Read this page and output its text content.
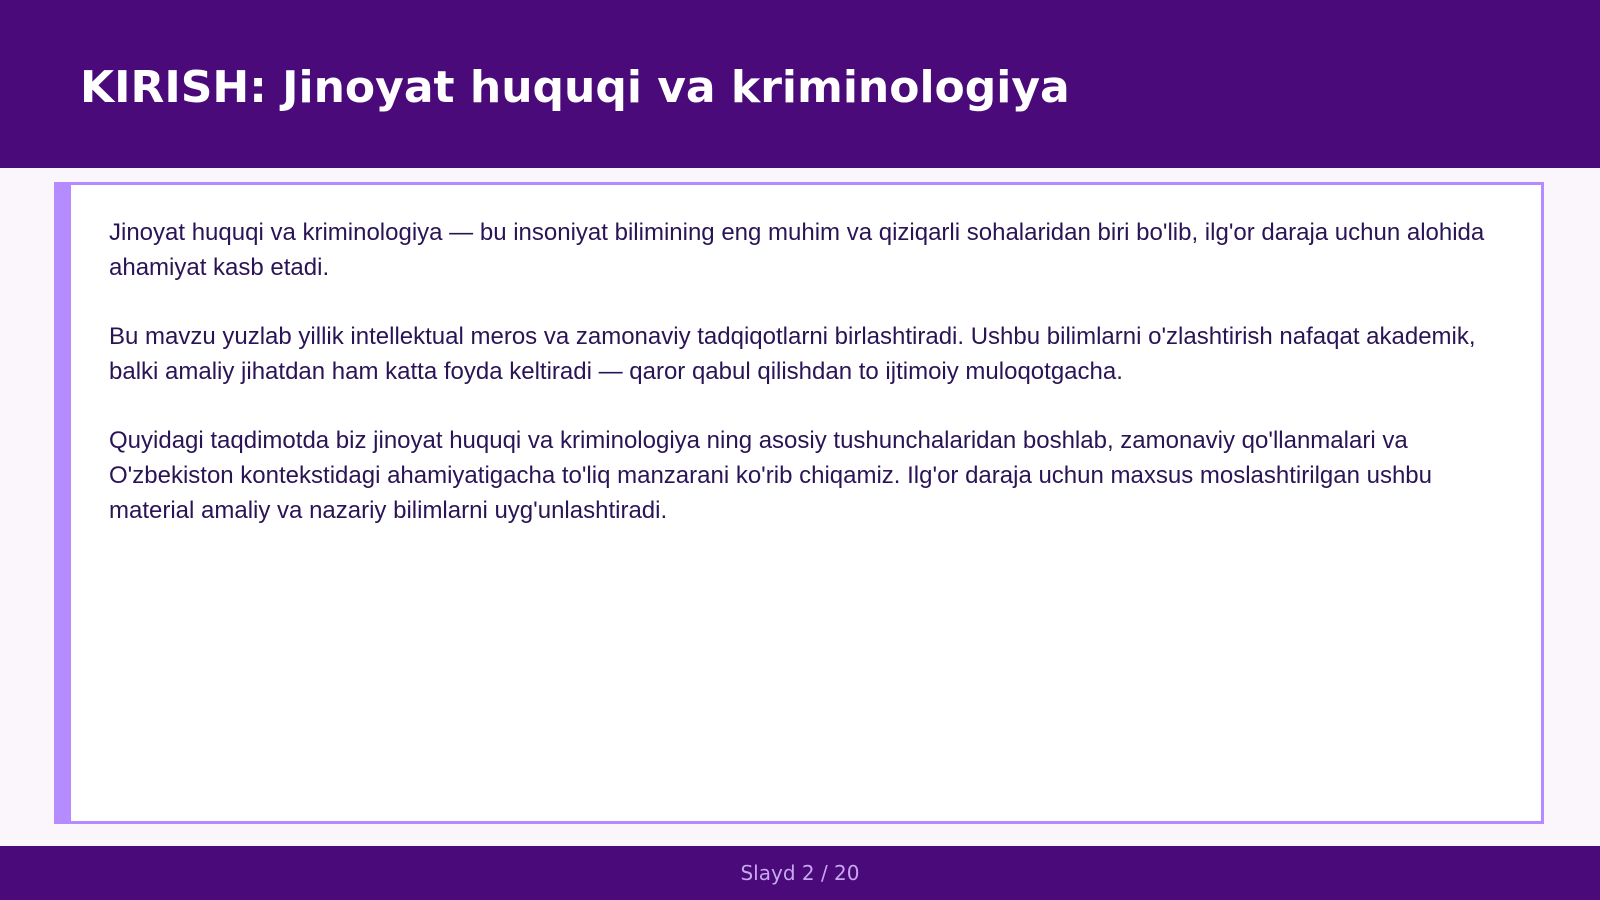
KIRISH: Jinoyat huquqi va kriminologiya

Jinoyat huquqi va kriminologiya — bu insoniyat bilimining eng muhim va qiziqarli sohalaridan biri bo'lib, ilg'or daraja uchun alohida ahamiyat kasb etadi.

Bu mavzu yuzlab yillik intellektual meros va zamonaviy tadqiqotlarni birlashtiradi. Ushbu bilimlarni o'zlashtirish nafaqat akademik, balki amaliy jihatdan ham katta foyda keltiradi — qaror qabul qilishdan to ijtimoiy muloqotgacha.

Quyidagi taqdimotda biz jinoyat huquqi va kriminologiya ning asosiy tushunchalaridan boshlab, zamonaviy qo'llanmalari va O'zbekiston kontekstidagi ahamiyatigacha to'liq manzarani ko'rib chiqamiz. Ilg'or daraja uchun maxsus moslashtirilgan ushbu material amaliy va nazariy bilimlarni uyg'unlashtiradi.

Slayd 2 / 20
